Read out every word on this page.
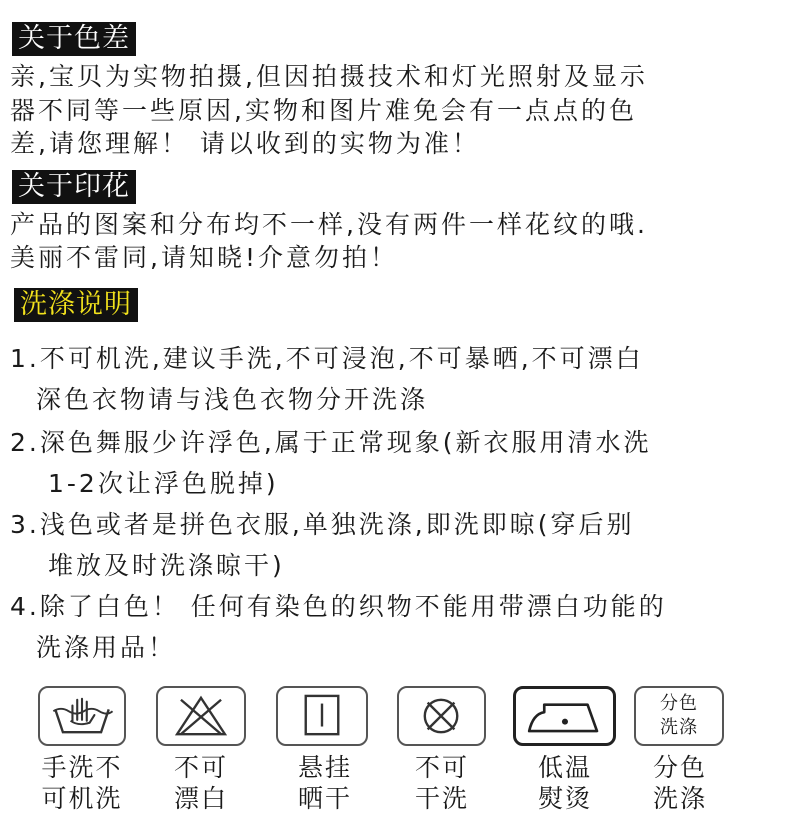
关于色差

亲,宝贝为实物拍摄,但因拍摄技术和灯光照射及显示

器不同等一些原因,实物和图片难免会有一点点的色

差,请您理解！ 请以收到的实物为准！

关于印花

产品的图案和分布均不一样,没有两件一样花纹的哦.

美丽不雷同,请知晓!介意勿拍！

洗涤说明
1.不可机洗,建议手洗,不可浸泡,不可暴晒,不可漂白
深色衣物请与浅色衣物分开洗涤
2.深色舞服少许浮色,属于正常现象(新衣服用清水洗
1-2次让浮色脱掉)
3.浅色或者是拼色衣服,单独洗涤,即洗即晾(穿后别
堆放及时洗涤晾干)
4.除了白色！ 任何有染色的织物不能用带漂白功能的
洗涤用品！
分色
洗涤
手洗不
可机洗
不可
漂白
悬挂
晒干
不可
干洗
低温
熨烫
分色
洗涤
